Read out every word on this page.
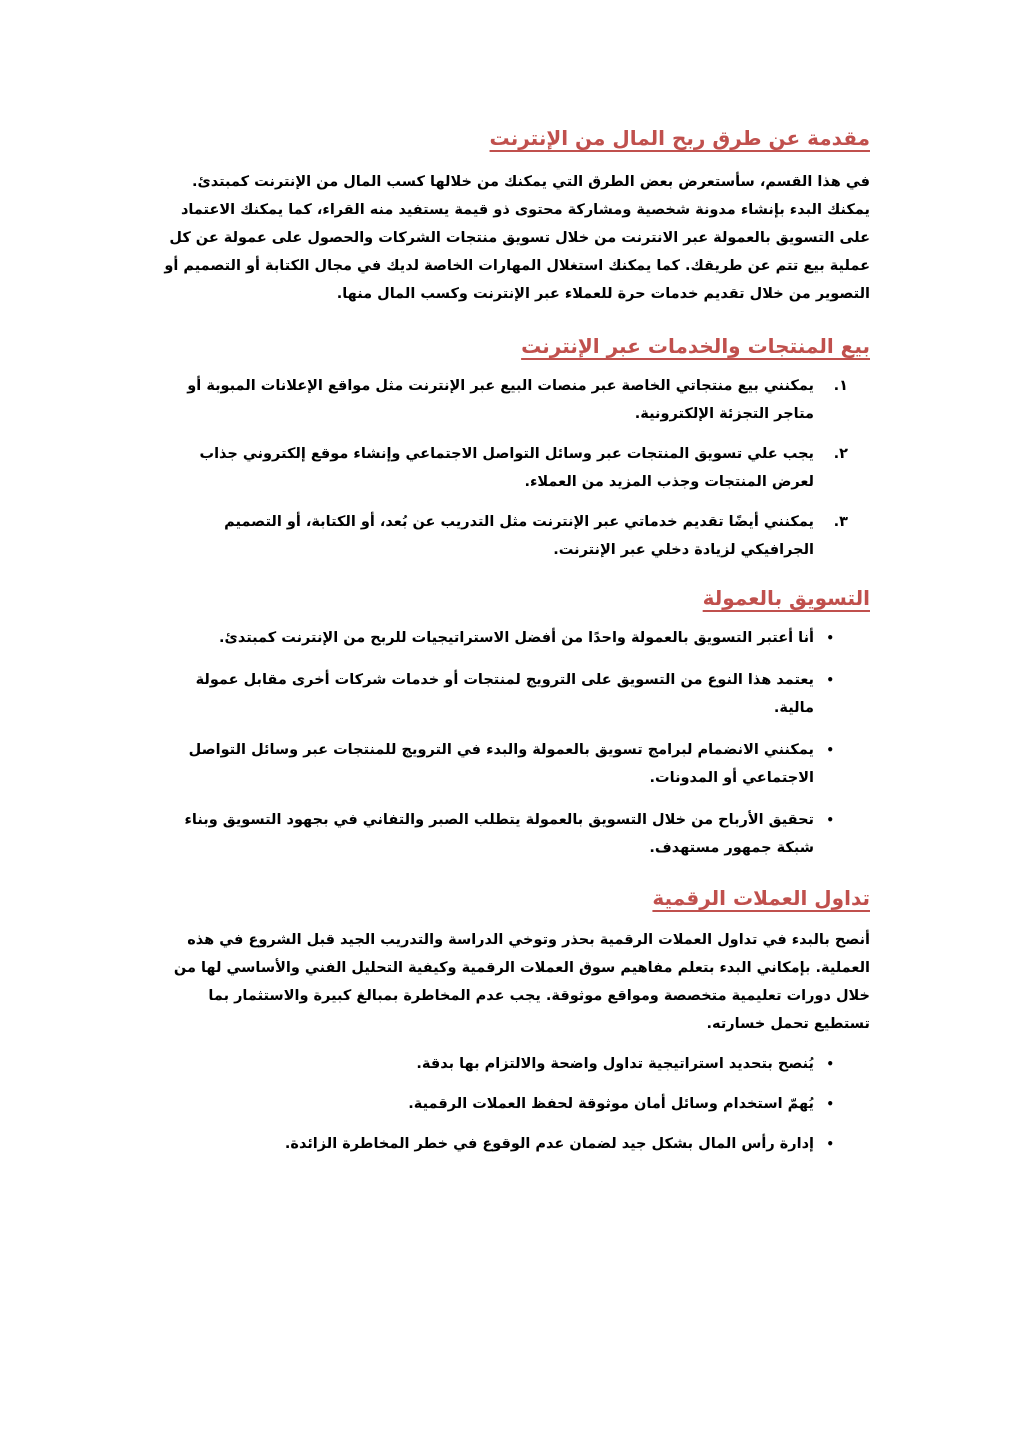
مقدمة عن طرق ربح المال من الإنترنت

في هذا القسم، سأستعرض بعض الطرق التي يمكنك من خلالها كسب المال من الإنترنت كمبتدئ. يمكنك البدء بإنشاء مدونة شخصية ومشاركة محتوى ذو قيمة يستفيد منه القراء، كما يمكنك الاعتماد على التسويق بالعمولة عبر الانترنت من خلال تسويق منتجات الشركات والحصول على عمولة عن كل عملية بيع تتم عن طريقك. كما يمكنك استغلال المهارات الخاصة لديك في مجال الكتابة أو التصميم أو التصوير من خلال تقديم خدمات حرة للعملاء عبر الإنترنت وكسب المال منها.

بيع المنتجات والخدمات عبر الإنترنت
١.
يمكنني بيع منتجاتي الخاصة عبر منصات البيع عبر الإنترنت مثل مواقع الإعلانات المبوبة أو متاجر التجزئة الإلكترونية.
٢.
يجب علي تسويق المنتجات عبر وسائل التواصل الاجتماعي وإنشاء موقع إلكتروني جذاب لعرض المنتجات وجذب المزيد من العملاء.
٣.
يمكنني أيضًا تقديم خدماتي عبر الإنترنت مثل التدريب عن بُعد، أو الكتابة، أو التصميم الجرافيكي لزيادة دخلي عبر الإنترنت.
التسويق بالعمولة
•
أنا أعتبر التسويق بالعمولة واحدًا من أفضل الاستراتيجيات للربح من الإنترنت كمبتدئ.
•
يعتمد هذا النوع من التسويق على الترويج لمنتجات أو خدمات شركات أخرى مقابل عمولة مالية.
•
يمكنني الانضمام لبرامج تسويق بالعمولة والبدء في الترويج للمنتجات عبر وسائل التواصل الاجتماعي أو المدونات.
•
تحقيق الأرباح من خلال التسويق بالعمولة يتطلب الصبر والتفاني في بجهود التسويق وبناء شبكة جمهور مستهدف.
تداول العملات الرقمية

أنصح بالبدء في تداول العملات الرقمية بحذر وتوخي الدراسة والتدريب الجيد قبل الشروع في هذه العملية. بإمكاني البدء بتعلم مفاهيم سوق العملات الرقمية وكيفية التحليل الفني والأساسي لها من خلال دورات تعليمية متخصصة ومواقع موثوقة. يجب عدم المخاطرة بمبالغ كبيرة والاستثمار بما تستطيع تحمل خسارته.

•
يُنصح بتحديد استراتيجية تداول واضحة والالتزام بها بدقة.
•
يُهمّ استخدام وسائل أمان موثوقة لحفظ العملات الرقمية.
•
إدارة رأس المال بشكل جيد لضمان عدم الوقوع في خطر المخاطرة الزائدة.
